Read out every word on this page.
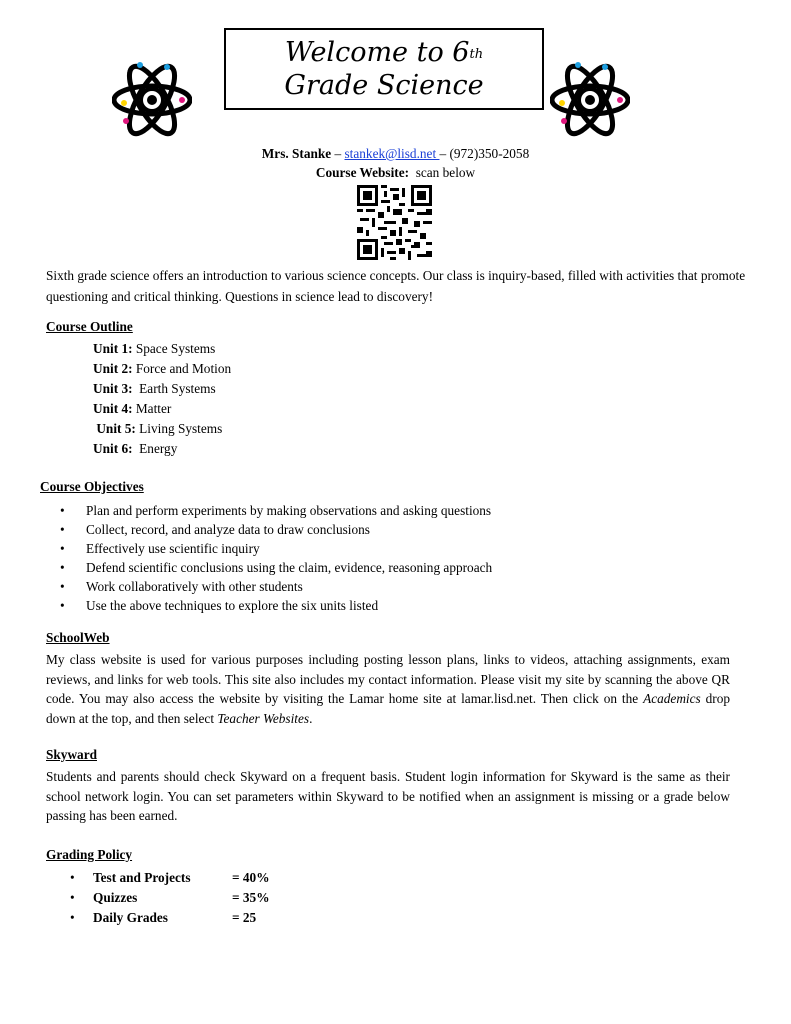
Welcome to 6th
Grade Science
Mrs. Stanke – stankek@lisd.net – (972)350-2058
Course Website:  scan below
Sixth grade science offers an introduction to various science concepts. Our class is inquiry-based, filled with activities that promote questioning and critical thinking. Questions in science lead to discovery!
Course Outline
Unit 1: Space Systems
Unit 2: Force and Motion
Unit 3:  Earth Systems
Unit 4: Matter
Unit 5: Living Systems
Unit 6:  Energy
Course Objectives
• Plan and perform experiments by making observations and asking questions
• Collect, record, and analyze data to draw conclusions
• Effectively use scientific inquiry
• Defend scientific conclusions using the claim, evidence, reasoning approach
• Work collaboratively with other students
• Use the above techniques to explore the six units listed
SchoolWeb
My class website is used for various purposes including posting lesson plans, links to videos, attaching assignments, exam reviews, and links for web tools. This site also includes my contact information. Please visit my site by scanning the above QR code. You may also access the website by visiting the Lamar home site at lamar.lisd.net. Then click on the Academics drop down at the top, and then select Teacher Websites.
Skyward
Students and parents should check Skyward on a frequent basis. Student login information for Skyward is the same as their school network login. You can set parameters within Skyward to be notified when an assignment is missing or a grade below passing has been earned.
Grading Policy
• Test and Projects	= 40%
• Quizzes	= 35%
• Daily Grades	= 25
